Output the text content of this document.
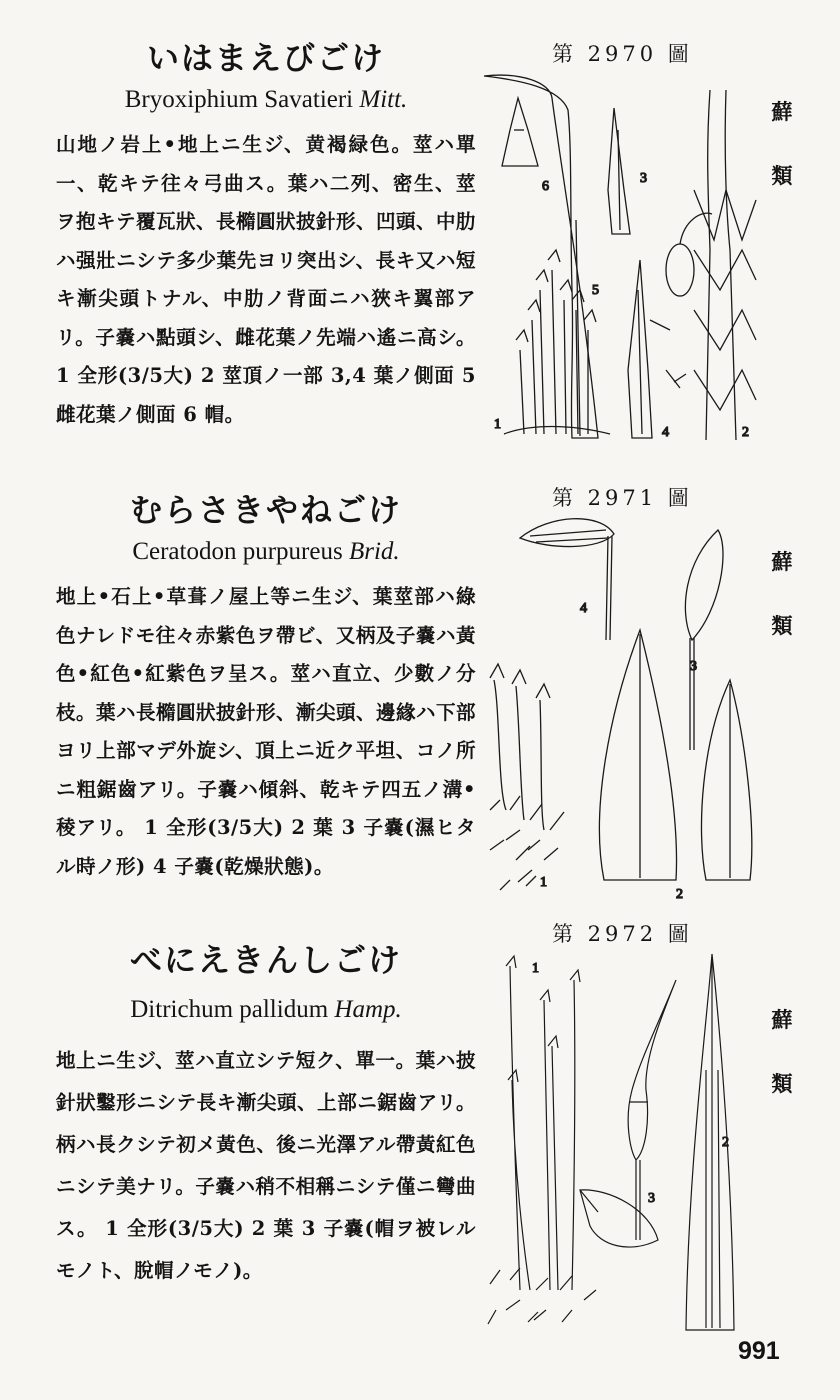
いはまえびごけ

Bryoxiphium Savatieri Mitt.

山地ノ岩上•地上ニ生ジ、黄褐緑色。莖ハ單一、乾キテ往々弓曲ス。葉ハ二列、密生、莖ヲ抱キテ覆瓦狀、長橢圓狀披針形、凹頭、中肋ハ强壯ニシテ多少葉先ヨリ突出シ、長キ又ハ短キ漸尖頭トナル、中肋ノ背面ニハ狹キ翼部アリ。子嚢ハ點頭シ、雌花葉ノ先端ハ遙ニ高シ。1 全形(3/5大) 2 莖頂ノ一部 3,4 葉ノ側面 5 雌花葉ノ側面 6 帽。
第 2970 圖
蘚
類
6
3
5
1
4	2
むらさきやねごけ

Ceratodon purpureus Brid.

地上•石上•草葺ノ屋上等ニ生ジ、葉莖部ハ綠色ナレドモ往々赤紫色ヲ帶ビ、又柄及子嚢ハ黃色•紅色•紅紫色ヲ呈ス。莖ハ直立、少數ノ分枝。葉ハ長橢圓狀披針形、漸尖頭、邊緣ハ下部ヨリ上部マデ外旋シ、頂上ニ近ク平坦、コノ所ニ粗鋸齒アリ。子嚢ハ傾斜、乾キテ四五ノ溝•稜アリ。 1 全形(3/5大) 2 葉 3 子嚢(濕ヒタル時ノ形) 4 子嚢(乾燥狀態)。
第 2971 圖
蘚
類
4
3
1
2
べにえきんしごけ

Ditrichum pallidum Hamp.

地上ニ生ジ、莖ハ直立シテ短ク、單一。葉ハ披針狀鑿形ニシテ長キ漸尖頭、上部ニ鋸齒アリ。柄ハ長クシテ初メ黃色、後ニ光澤アル帶黃紅色ニシテ美ナリ。子嚢ハ稍不相稱ニシテ僅ニ彎曲ス。 1 全形(3/5大) 2 葉 3 子嚢(帽ヲ被レルモノト、脫帽ノモノ)。
第 2972 圖
蘚
類
1
2
3
991
